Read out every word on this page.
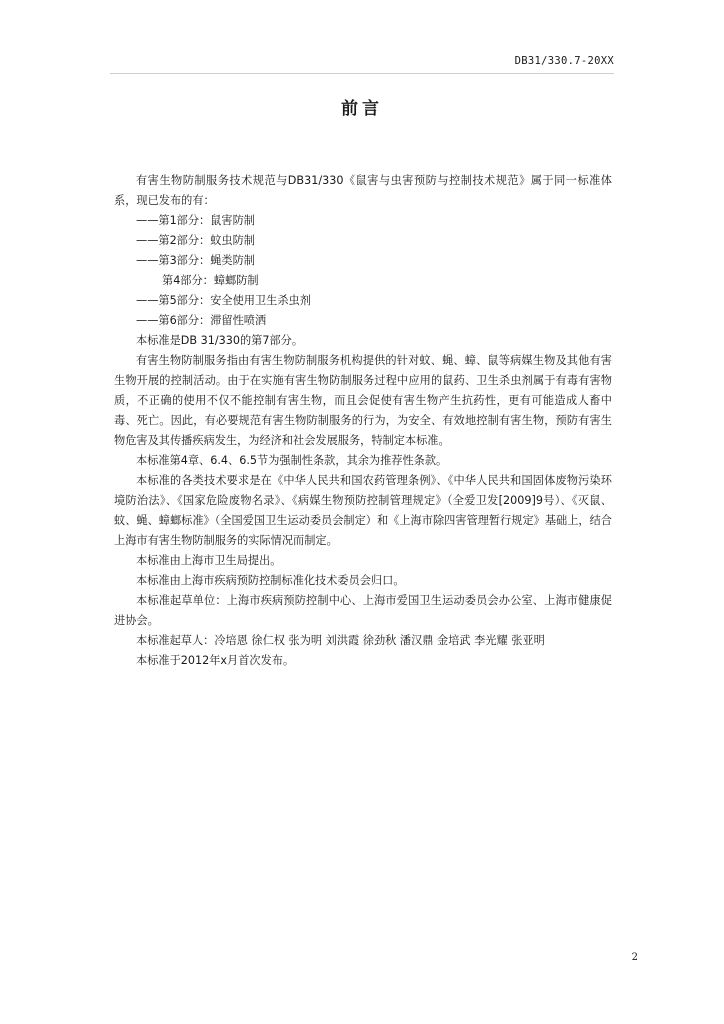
DB31/330.7-20XX
前言

有害生物防制服务技术规范与DB31/330《鼠害与虫害预防与控制技术规范》属于同一标准体系，现已发布的有：

——第1部分：鼠害防制
——第2部分：蚊虫防制
——第3部分：蝇类防制
第4部分：蟑螂防制
——第5部分：安全使用卫生杀虫剂
——第6部分：滞留性喷洒

本标准是DB 31/330的第7部分。

有害生物防制服务指由有害生物防制服务机构提供的针对蚊、蝇、蟑、鼠等病媒生物及其他有害生物开展的控制活动。由于在实施有害生物防制服务过程中应用的鼠药、卫生杀虫剂属于有毒有害物质，不正确的使用不仅不能控制有害生物，而且会促使有害生物产生抗药性，更有可能造成人畜中毒、死亡。因此，有必要规范有害生物防制服务的行为，为安全、有效地控制有害生物，预防有害生物危害及其传播疾病发生，为经济和社会发展服务，特制定本标准。

本标准第4章、6.4、6.5节为强制性条款，其余为推荐性条款。

本标准的各类技术要求是在《中华人民共和国农药管理条例》、《中华人民共和国固体废物污染环境防治法》、《国家危险废物名录》、《病媒生物预防控制管理规定》（全爱卫发[2009]9号）、《灭鼠、蚊、蝇、蟑螂标准》（全国爱国卫生运动委员会制定）和《上海市除四害管理暂行规定》基础上，结合上海市有害生物防制服务的实际情况而制定。

本标准由上海市卫生局提出。

本标准由上海市疾病预防控制标准化技术委员会归口。

本标准起草单位：上海市疾病预防控制中心、上海市爱国卫生运动委员会办公室、上海市健康促进协会。

本标准起草人：冷培恩 徐仁权 张为明 刘洪霞 徐劲秋 潘汉鼎 金培武 李光耀 张亚明

本标准于2012年x月首次发布。

2
